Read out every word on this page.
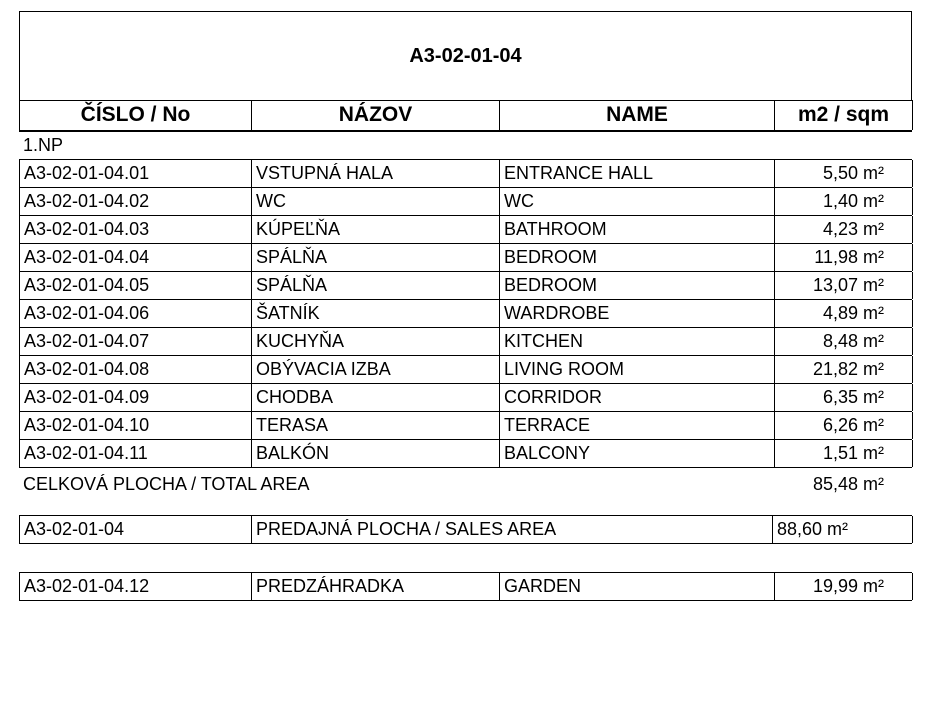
A3-02-01-04
ČÍSLO / No	NÁZOV	NAME	m2 / sqm
1.NP
A3-02-01-04.01	VSTUPNÁ HALA	ENTRANCE HALL	5,50 m²
A3-02-01-04.02	WC	WC	1,40 m²
A3-02-01-04.03	KÚPEĽŇA	BATHROOM	4,23 m²
A3-02-01-04.04	SPÁLŇA	BEDROOM	11,98 m²
A3-02-01-04.05	SPÁLŇA	BEDROOM	13,07 m²
A3-02-01-04.06	ŠATNÍK	WARDROBE	4,89 m²
A3-02-01-04.07	KUCHYŇA	KITCHEN	8,48 m²
A3-02-01-04.08	OBÝVACIA IZBA	LIVING ROOM	21,82 m²
A3-02-01-04.09	CHODBA	CORRIDOR	6,35 m²
A3-02-01-04.10	TERASA	TERRACE	6,26 m²
A3-02-01-04.11	BALKÓN	BALCONY	1,51 m²
CELKOVÁ PLOCHA / TOTAL AREA	85,48 m²
A3-02-01-04	PREDAJNÁ PLOCHA / SALES AREA	88,60 m²
A3-02-01-04.12	PREDZÁHRADKA	GARDEN	19,99 m²
